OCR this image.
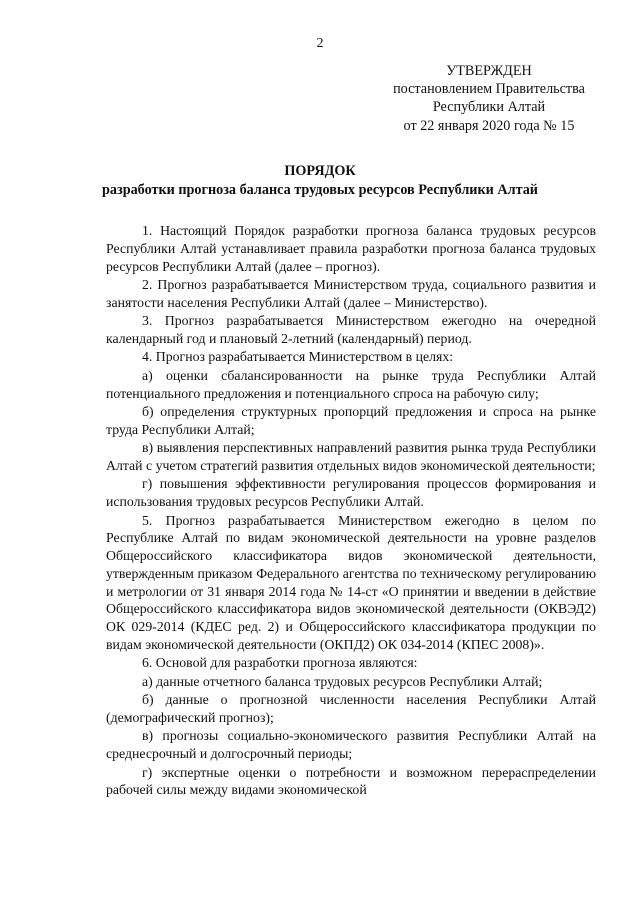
2
УТВЕРЖДЕН
постановлением Правительства
Республики Алтай
от 22 января 2020 года № 15
ПОРЯДОК
разработки прогноза баланса трудовых ресурсов Республики Алтай

1. Настоящий Порядок разработки прогноза баланса трудовых ресурсов Республики Алтай устанавливает правила разработки прогноза баланса трудовых ресурсов Республики Алтай (далее – прогноз).

2. Прогноз разрабатывается Министерством труда, социального развития и занятости населения Республики Алтай (далее – Министерство).

3. Прогноз разрабатывается Министерством ежегодно на очередной календарный год и плановый 2-летний (календарный) период.

4. Прогноз разрабатывается Министерством в целях:

а) оценки сбалансированности на рынке труда Республики Алтай потенциального предложения и потенциального спроса на рабочую силу;

б) определения структурных пропорций предложения и спроса на рынке труда Республики Алтай;

в) выявления перспективных направлений развития рынка труда Республики Алтай с учетом стратегий развития отдельных видов экономической деятельности;

г) повышения эффективности регулирования процессов формирования и использования трудовых ресурсов Республики Алтай.

5. Прогноз разрабатывается Министерством ежегодно в целом по Республике Алтай по видам экономической деятельности на уровне разделов Общероссийского классификатора видов экономической деятельности, утвержденным приказом Федерального агентства по техническому регулированию и метрологии от 31 января 2014 года № 14-ст «О принятии и введении в действие Общероссийского классификатора видов экономической деятельности (ОКВЭД2) ОК 029-2014 (КДЕС ред. 2) и Общероссийского классификатора продукции по видам экономической деятельности (ОКПД2) ОК 034-2014 (КПЕС 2008)».

6. Основой для разработки прогноза являются:

а) данные отчетного баланса трудовых ресурсов Республики Алтай;

б) данные о прогнозной численности населения Республики Алтай (демографический прогноз);

в) прогнозы социально-экономического развития Республики Алтай на среднесрочный и долгосрочный периоды;

г) экспертные оценки о потребности и возможном перераспределении рабочей силы между видами экономической
